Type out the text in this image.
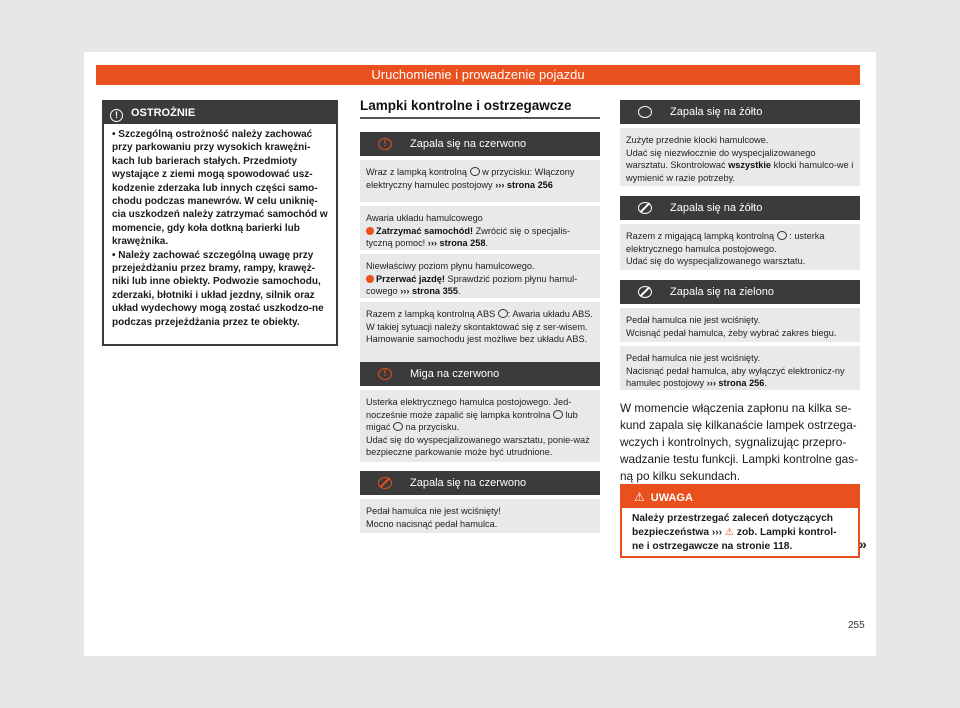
Uruchomienie i prowadzenie pojazdu
! OSTROŻNIE

• Szczególną ostrożność należy zachować przy parkowaniu przy wysokich krawężni-kach lub barierach stałych. Przedmioty wystające z ziemi mogą spowodować usz-kodzenie zderzaka lub innych części samo-chodu podczas manewrów. W celu uniknię-cia uszkodzeń należy zatrzymać samochód w momencie, gdy koła dotkną barierki lub krawężnika.

• Należy zachować szczególną uwagę przy przejeżdżaniu przez bramy, rampy, krawęż-niki lub inne obiekty. Podwozie samochodu, zderzaki, błotniki i układ jezdny, silnik oraz układ wydechowy mogą zostać uszkodzo-ne podczas przejeżdżania przez te obiekty.

Lampki kontrolne i ostrzegawcze
!	Zapala się na czerwono
Wraz z lampką kontrolną w przycisku: Włączony elektryczny hamulec postojowy ››› strona 256
Awaria układu hamulcowego
Zatrzymać samochód! Zwrócić się o specjalis-tyczną pomoc! ››› strona 258.
Niewłaściwy poziom płynu hamulcowego.
Przerwać jazdę! Sprawdzić poziom płynu hamul-cowego ››› strona 355.
Razem z lampką kontrolną ABS : Awaria układu ABS. W takiej sytuacji należy skontaktować się z ser-wisem. Hamowanie samochodu jest możliwe bez układu ABS.
!	Miga na czerwono
Usterka elektrycznego hamulca postojowego. Jed-nocześnie może zapalić się lampka kontrolna lub migać na przycisku.
Udać się do wyspecjalizowanego warsztatu, ponie-waż bezpieczne parkowanie może być utrudnione.
Zapala się na czerwono
Pedał hamulca nie jest wciśnięty!
Mocno nacisnąć pedał hamulca.
Zapala się na żółto
Zużyte przednie klocki hamulcowe.
Udać się niezwłocznie do wyspecjalizowanego warsztatu. Skontrolować wszystkie klocki hamulco-we i wymienić w razie potrzeby.
Zapala się na żółto
Razem z migającą lampką kontrolną : usterka elektrycznego hamulca postojowego.
Udać się do wyspecjalizowanego warsztatu.
Zapala się na zielono
Pedał hamulca nie jest wciśnięty.
Wcisnąć pedał hamulca, żeby wybrać zakres biegu.
Pedał hamulca nie jest wciśnięty.
Nacisnąć pedał hamulca, aby wyłączyć elektronicz-ny hamulec postojowy ››› strona 256.
W momencie włączenia zapłonu na kilka se-kund zapala się kilkanaście lampek ostrzega-wczych i kontrolnych, sygnalizując przepro-wadzanie testu funkcji. Lampki kontrolne gas-ną po kilku sekundach.
⚠ UWAGA
Należy przestrzegać zaleceń dotyczących bezpieczeństwa ››› ⚠ zob. Lampki kontrol-ne i ostrzegawcze na stronie 118.	»
255
